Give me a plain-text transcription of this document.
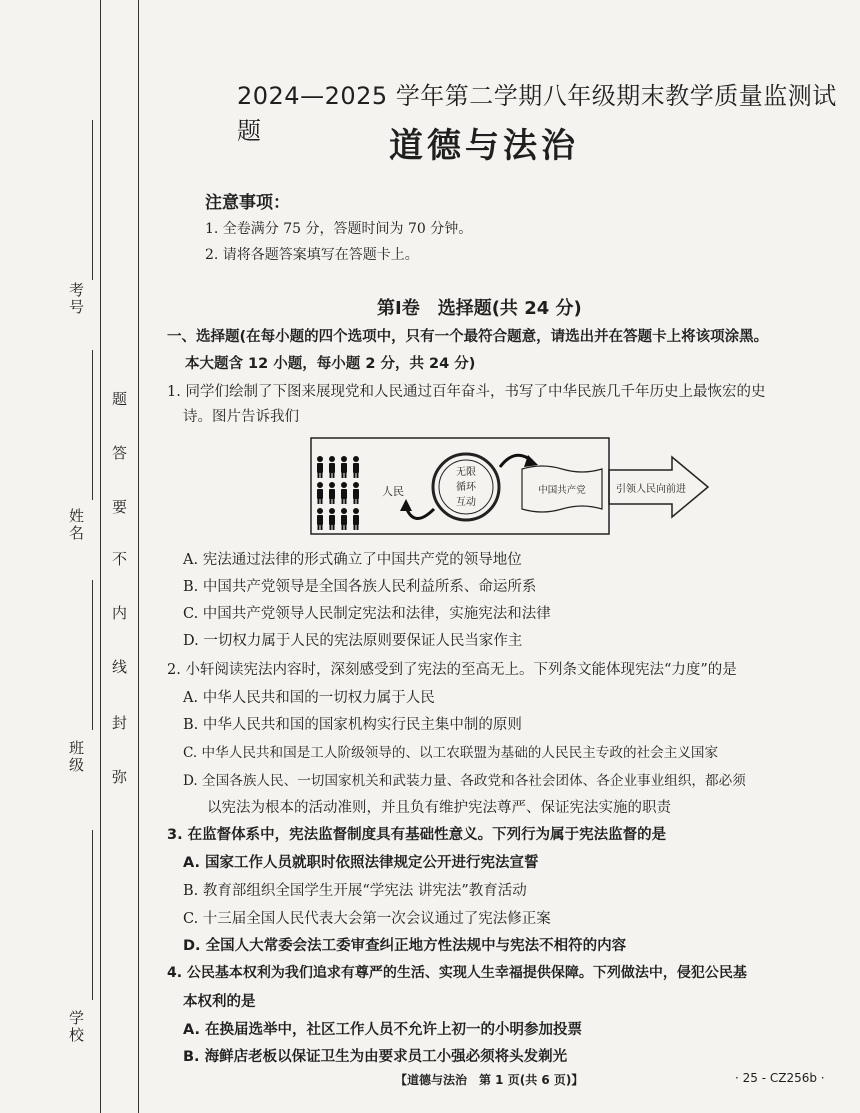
考号
姓名
班级
学校
弥
封
线
内
不
要
答
题
2024—2025 学年第二学期八年级期末教学质量监测试题	道德与法治
注意事项：
1. 全卷满分 75 分，答题时间为 70 分钟。
2. 请将各题答案填写在答题卡上。
第Ⅰ卷　选择题(共 24 分)
一、选择题(在每小题的四个选项中，只有一个最符合题意，请选出并在答题卡上将该项涂黑。
本大题含 12 小题，每小题 2 分，共 24 分)
1. 同学们绘制了下图来展现党和人民通过百年奋斗，书写了中华民族几千年历史上最恢宏的史
诗。图片告诉我们
人民
无限
循环
互动
中国共产党	引领人民向前进
A. 宪法通过法律的形式确立了中国共产党的领导地位
B. 中国共产党领导是全国各族人民利益所系、命运所系
C. 中国共产党领导人民制定宪法和法律，实施宪法和法律
D. 一切权力属于人民的宪法原则要保证人民当家作主
2. 小轩阅读宪法内容时，深刻感受到了宪法的至高无上。下列条文能体现宪法“力度”的是
A. 中华人民共和国的一切权力属于人民
B. 中华人民共和国的国家机构实行民主集中制的原则
C. 中华人民共和国是工人阶级领导的、以工农联盟为基础的人民民主专政的社会主义国家
D. 全国各族人民、一切国家机关和武装力量、各政党和各社会团体、各企业事业组织，都必须
以宪法为根本的活动准则，并且负有维护宪法尊严、保证宪法实施的职责
3. 在监督体系中，宪法监督制度具有基础性意义。下列行为属于宪法监督的是
A. 国家工作人员就职时依照法律规定公开进行宪法宣誓
B. 教育部组织全国学生开展“学宪法 讲宪法”教育活动
C. 十三届全国人民代表大会第一次会议通过了宪法修正案
D. 全国人大常委会法工委审查纠正地方性法规中与宪法不相符的内容
4. 公民基本权利为我们追求有尊严的生活、实现人生幸福提供保障。下列做法中，侵犯公民基
本权利的是
A. 在换届选举中，社区工作人员不允许上初一的小明参加投票
B. 海鲜店老板以保证卫生为由要求员工小强必须将头发剃光
【道德与法治　第 1 页(共 6 页)】	· 25 - CZ256b ·
